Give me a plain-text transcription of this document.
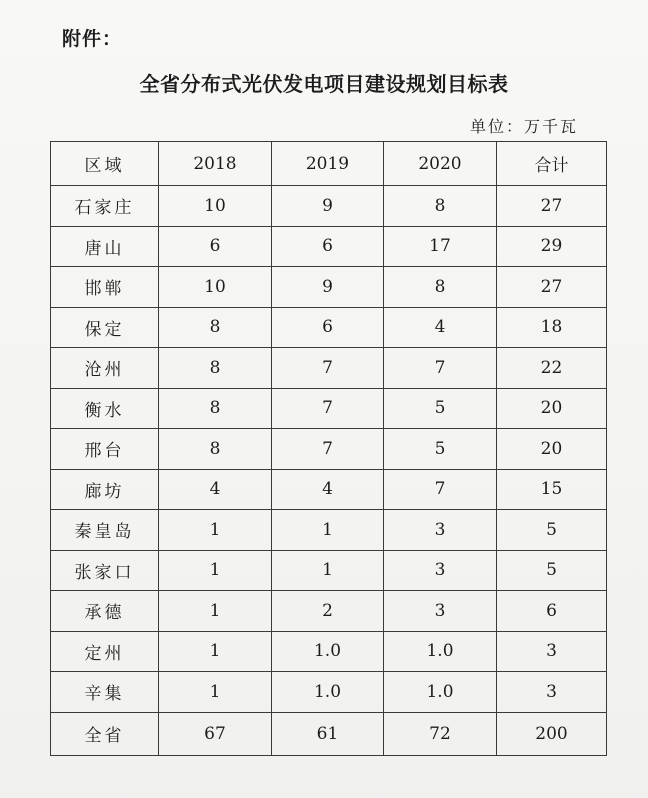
附件：
全省分布式光伏发电项目建设规划目标表
单位：万千瓦
区域	2018	2019	2020	合计
石家庄	10	9	8	27
唐山	6	6	17	29
邯郸	10	9	8	27
保定	8	6	4	18
沧州	8	7	7	22
衡水	8	7	5	20
邢台	8	7	5	20
廊坊	4	4	7	15
秦皇岛	1	1	3	5
张家口	1	1	3	5
承德	1	2	3	6
定州	1	1.0	1.0	3
辛集	1	1.0	1.0	3
全省	67	61	72	200
